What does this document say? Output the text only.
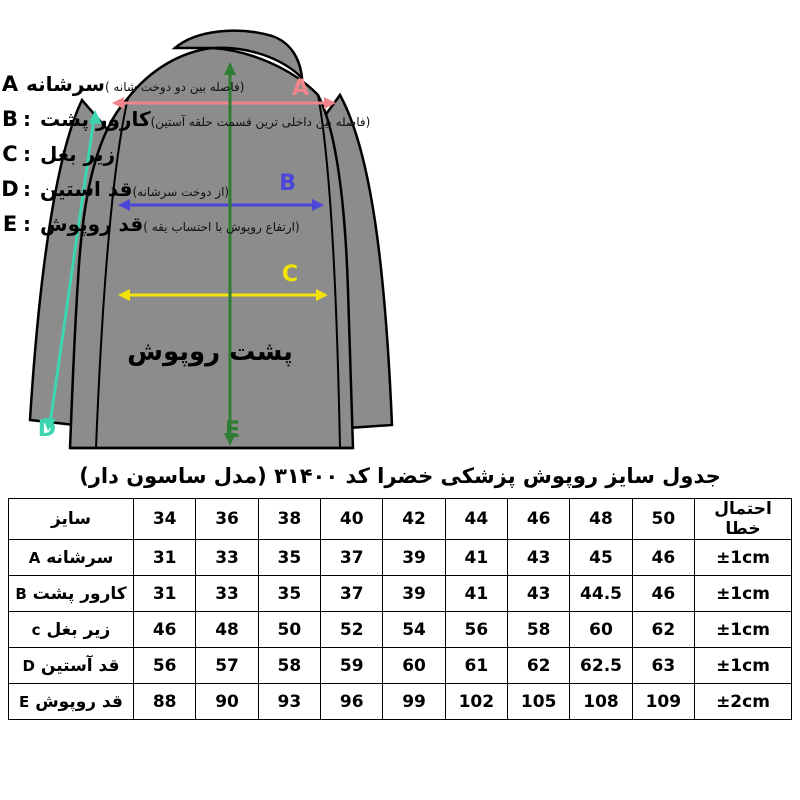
A
B
C
D	E
پشت روپوش
A سرشانه (فاصله بین دو دوخت شانه )
B : کارور پشت (فاصله بین داخلی ترین قسمت حلقه آستین)
C : زیر بغل
D : قد استین (از دوخت سرشانه)
E : قد روپوش (ارتفاع روپوش با احتساب یقه )
جدول سایز روپوش پزشکی خضرا کد ۳۱۴۰۰ (مدل ساسون دار)
احتمال خطا	50	48	46	44	42	40	38	36	34	سایز
±1cm	46	45	43	41	39	37	35	33	31	سرشانه A
±1cm	46	44.5	43	41	39	37	35	33	31	کارور پشت B
±1cm	62	60	58	56	54	52	50	48	46	زیر بغل c
±1cm	63	62.5	62	61	60	59	58	57	56	قد آستین D
±2cm	109	108	105	102	99	96	93	90	88	قد روپوش E
